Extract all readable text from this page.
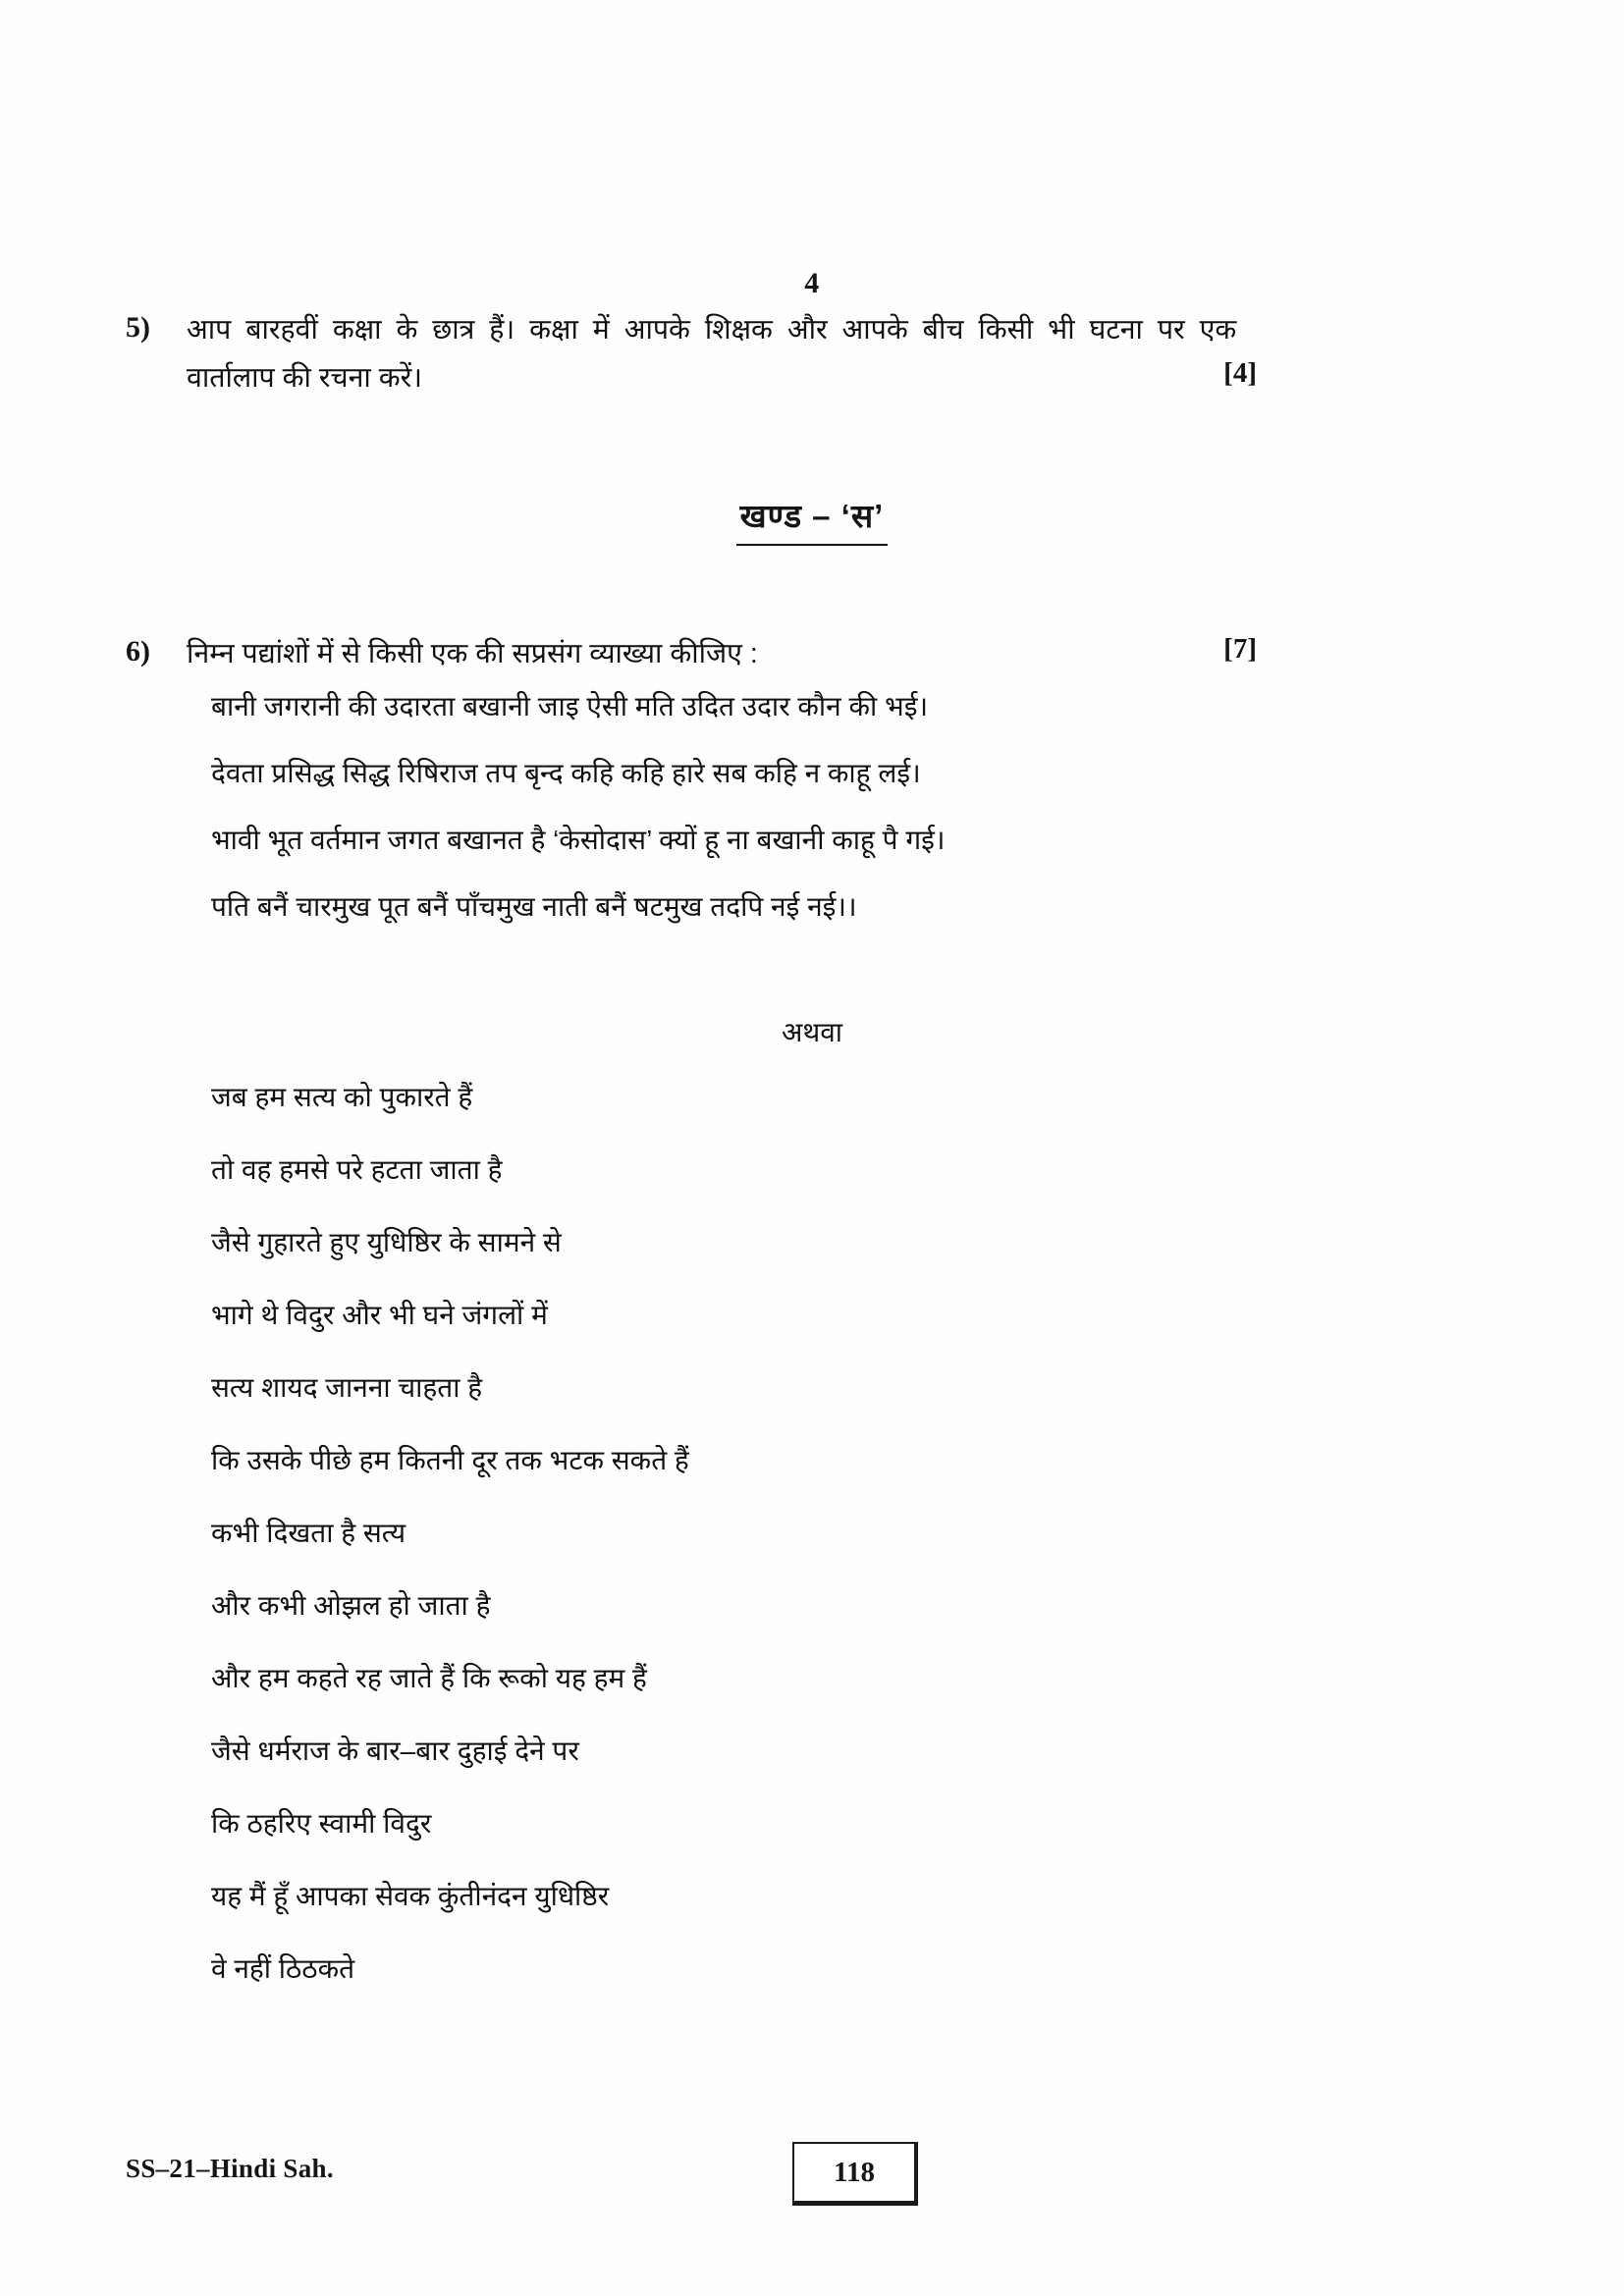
4
5)	आप बारहवीं कक्षा के छात्र हैं। कक्षा में आपके शिक्षक और आपके बीच किसी भी घटना पर एक
वार्तालाप की रचना करें।	[4]
खण्ड – ‘स’
6)	निम्न पद्यांशों में से किसी एक की सप्रसंग व्याख्या कीजिए :	[7]
बानी जगरानी की उदारता बखानी जाइ ऐसी मति उदित उदार कौन की भई।
देवता प्रसिद्ध सिद्ध रिषिराज तप बृन्द कहि कहि हारे सब कहि न काहू लई।
भावी भूत वर्तमान जगत बखानत है ‘केसोदास’ क्यों हू ना बखानी काहू पै गई।
पति बनैं चारमुख पूत बनैं पाँचमुख नाती बनैं षटमुख तदपि नई नई।।
अथवा
जब हम सत्य को पुकारते हैं
तो वह हमसे परे हटता जाता है
जैसे गुहारते हुए युधिष्ठिर के सामने से
भागे थे विदुर और भी घने जंगलों में
सत्य शायद जानना चाहता है
कि उसके पीछे हम कितनी दूर तक भटक सकते हैं
कभी दिखता है सत्य
और कभी ओझल हो जाता है
और हम कहते रह जाते हैं कि रूको यह हम हैं
जैसे धर्मराज के बार–बार दुहाई देने पर
कि ठहरिए स्वामी विदुर
यह मैं हूँ आपका सेवक कुंतीनंदन युधिष्ठिर
वे नहीं ठिठकते
SS–21–Hindi Sah.	118
